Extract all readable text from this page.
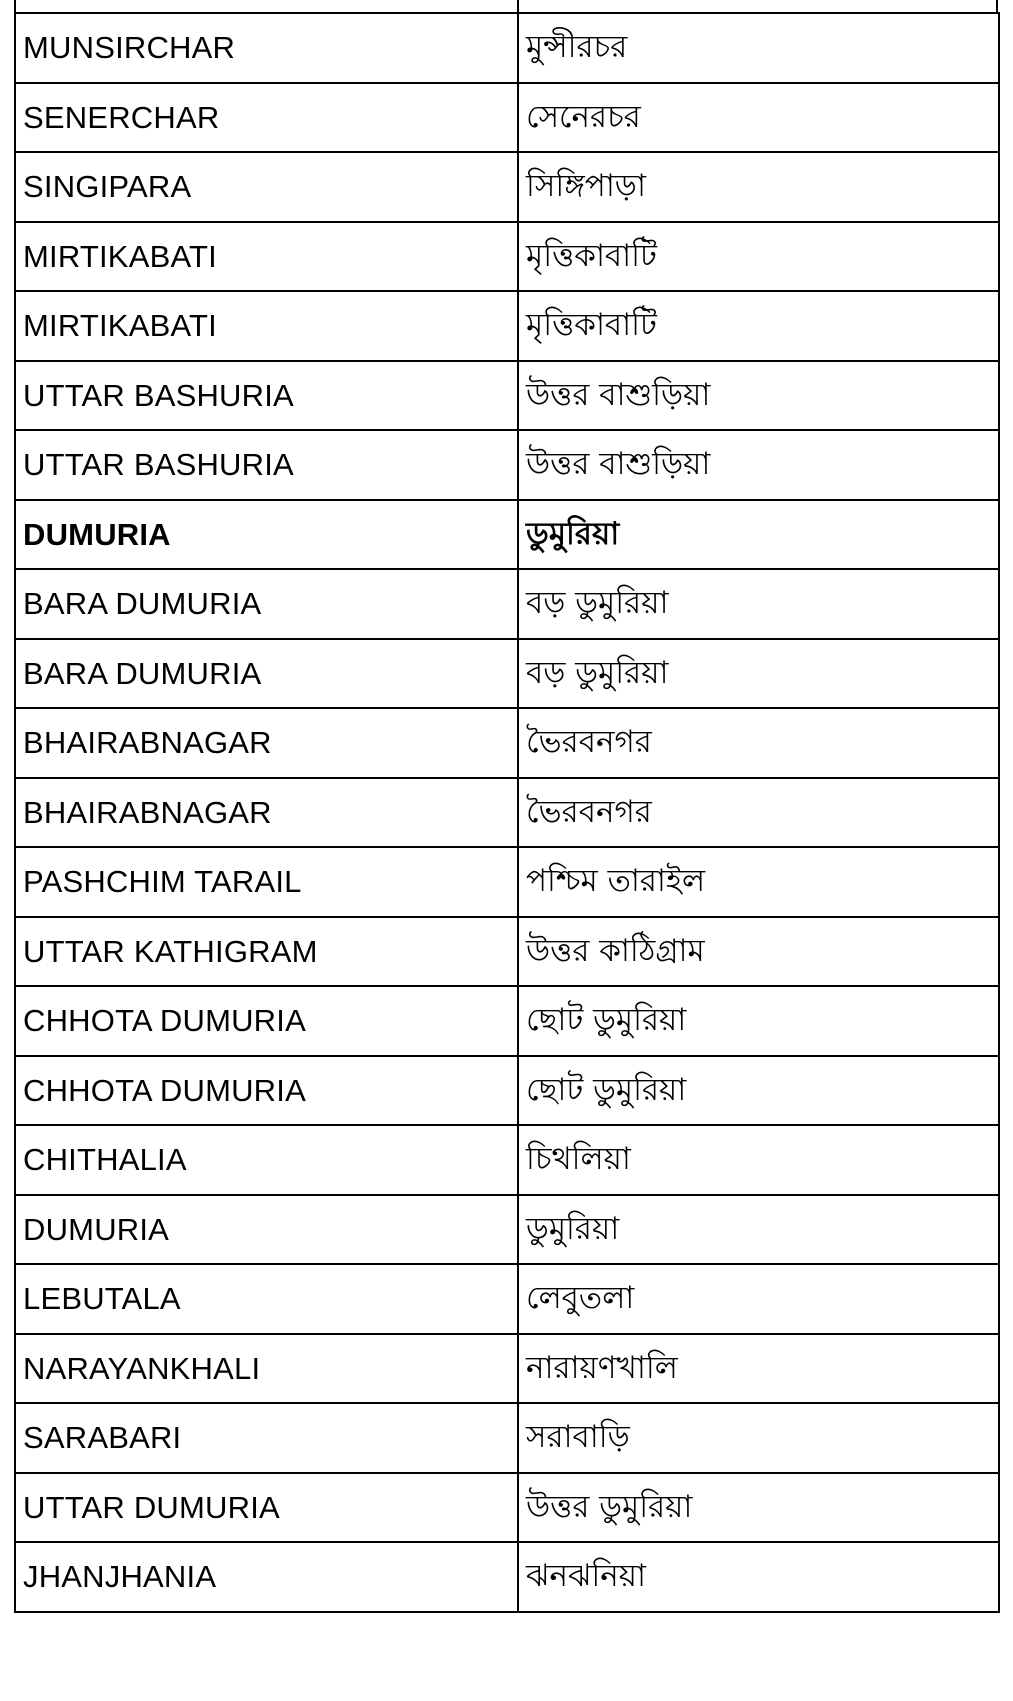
MUNSIRCHAR	মুন্সীরচর
SENERCHAR	সেনেরচর
SINGIPARA	সিঙ্গিপাড়া
MIRTIKABATI	মৃত্তিকাবাটি
MIRTIKABATI	মৃত্তিকাবাটি
UTTAR BASHURIA	উত্তর বাশুড়িয়া
UTTAR BASHURIA	উত্তর বাশুড়িয়া
DUMURIA	ডুমুরিয়া
BARA DUMURIA	বড় ডুমুরিয়া
BARA DUMURIA	বড় ডুমুরিয়া
BHAIRABNAGAR	ভৈরবনগর
BHAIRABNAGAR	ভৈরবনগর
PASHCHIM TARAIL	পশ্চিম তারাইল
UTTAR KATHIGRAM	উত্তর কাঠিগ্রাম
CHHOTA DUMURIA	ছোট ডুমুরিয়া
CHHOTA DUMURIA	ছোট ডুমুরিয়া
CHITHALIA	চিথলিয়া
DUMURIA	ডুমুরিয়া
LEBUTALA	লেবুতলা
NARAYANKHALI	নারায়ণখালি
SARABARI	সরাবাড়ি
UTTAR DUMURIA	উত্তর ডুমুরিয়া
JHANJHANIA	ঝনঝনিয়া
